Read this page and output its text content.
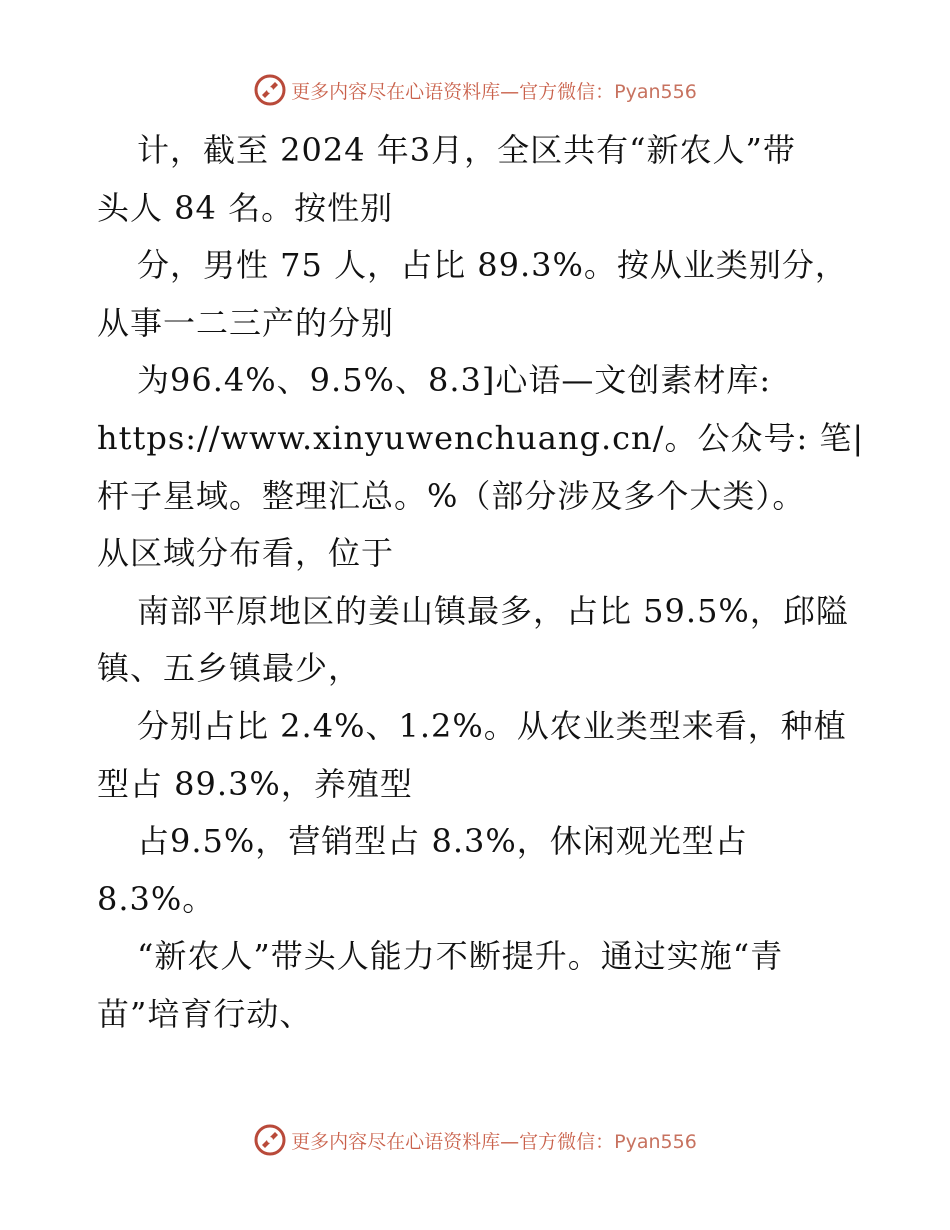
更多内容尽在心语资料库—官方微信：Pyan556
计，截至 2024 年3月，全区共有“新农人”带
头人 84 名。按性别
分，男性 75 人，占比 89.3%。按从业类别分，
从事一二三产的分别
为96.4%、9.5%、8.3]心语—文创素材库:
https://www.xinyuwenchuang.cn/。公众号: 笔|
杆子星域。整理汇总。%（部分涉及多个大类）。
从区域分布看，位于
南部平原地区的姜山镇最多，占比 59.5%，邱隘
镇、五乡镇最少，
分别占比 2.4%、1.2%。从农业类型来看，种植
型占 89.3%，养殖型
占9.5%，营销型占 8.3%，休闲观光型占
8.3%。
“新农人”带头人能力不断提升。通过实施“青
苗”培育行动、
更多内容尽在心语资料库—官方微信：Pyan556
